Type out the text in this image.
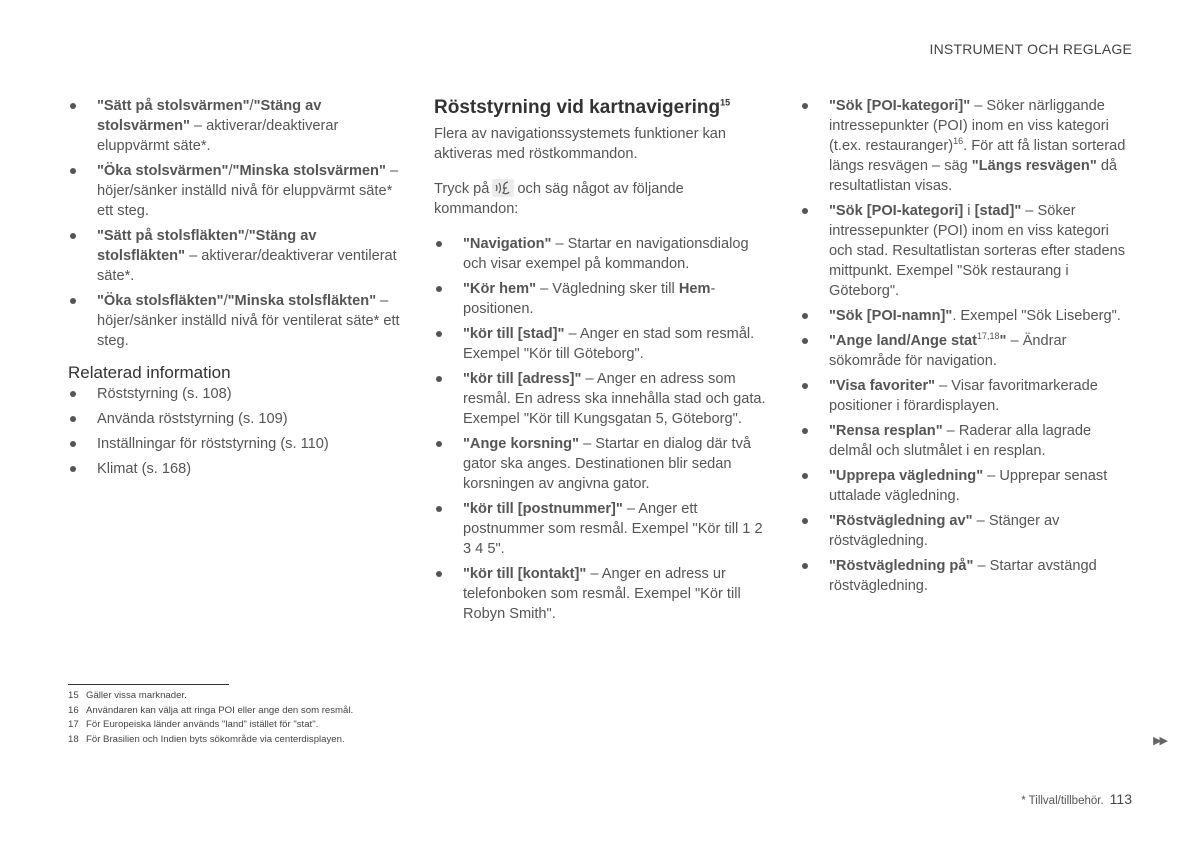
INSTRUMENT OCH REGLAGE
"Sätt på stolsvärmen"/"Stäng av stolsvärmen" – aktiverar/deaktiverar eluppvärmt säte*.
"Öka stolsvärmen"/"Minska stolsvärmen" – höjer/sänker inställd nivå för eluppvärmt säte* ett steg.
"Sätt på stolsfläkten"/"Stäng av stolsfläkten" – aktiverar/deaktiverar ventilerat säte*.
"Öka stolsfläkten"/"Minska stolsfläkten" – höjer/sänker inställd nivå för ventilerat säte* ett steg.
Relaterad information
Röststyrning (s. 108)
Använda röststyrning (s. 109)
Inställningar för röststyrning (s. 110)
Klimat (s. 168)
Röststyrning vid kartnavigering$^{15}$

Flera av navigationssystemets funktioner kan aktiveras med röstkommandon.

Tryck på och säg något av följande kommandon:

"Navigation" – Startar en navigationsdialog och visar exempel på kommandon.
"Kör hem" – Vägledning sker till Hem-positionen.
"kör till [stad]" – Anger en stad som resmål. Exempel "Kör till Göteborg".
"kör till [adress]" – Anger en adress som resmål. En adress ska innehålla stad och gata. Exempel "Kör till Kungsgatan 5, Göteborg".
"Ange korsning" – Startar en dialog där två gator ska anges. Destinationen blir sedan korsningen av angivna gator.
"kör till [postnummer]" – Anger ett postnummer som resmål. Exempel "Kör till 1 2 3 4 5".
"kör till [kontakt]" – Anger en adress ur telefonboken som resmål. Exempel "Kör till Robyn Smith".
"Sök [POI-kategori]" – Söker närliggande intressepunkter (POI) inom en viss kategori (t.ex. restauranger)$^{16}$. För att få listan sorterad längs resvägen – säg "Längs resvägen" då resultatlistan visas.
"Sök [POI-kategori] i [stad]" – Söker intressepunkter (POI) inom en viss kategori och stad. Resultatlistan sorteras efter stadens mittpunkt. Exempel "Sök restaurang i Göteborg".
"Sök [POI-namn]". Exempel "Sök Liseberg".
"Ange land/Ange stat$^{17,18}$" – Ändrar sökområde för navigation.
"Visa favoriter" – Visar favoritmarkerade positioner i förardisplayen.
"Rensa resplan" – Raderar alla lagrade delmål och slutmålet i en resplan.
"Upprepa vägledning" – Upprepar senast uttalade vägledning.
"Röstvägledning av" – Stänger av röstvägledning.
"Röstvägledning på" – Startar avstängd röstvägledning.
15 Gäller vissa marknader.
16 Användaren kan välja att ringa POI eller ange den som resmål.
17 För Europeiska länder används "land" istället för "stat".
18 För Brasilien och Indien byts sökområde via centerdisplayen.	▶▶
* Tillval/tillbehör. 113
